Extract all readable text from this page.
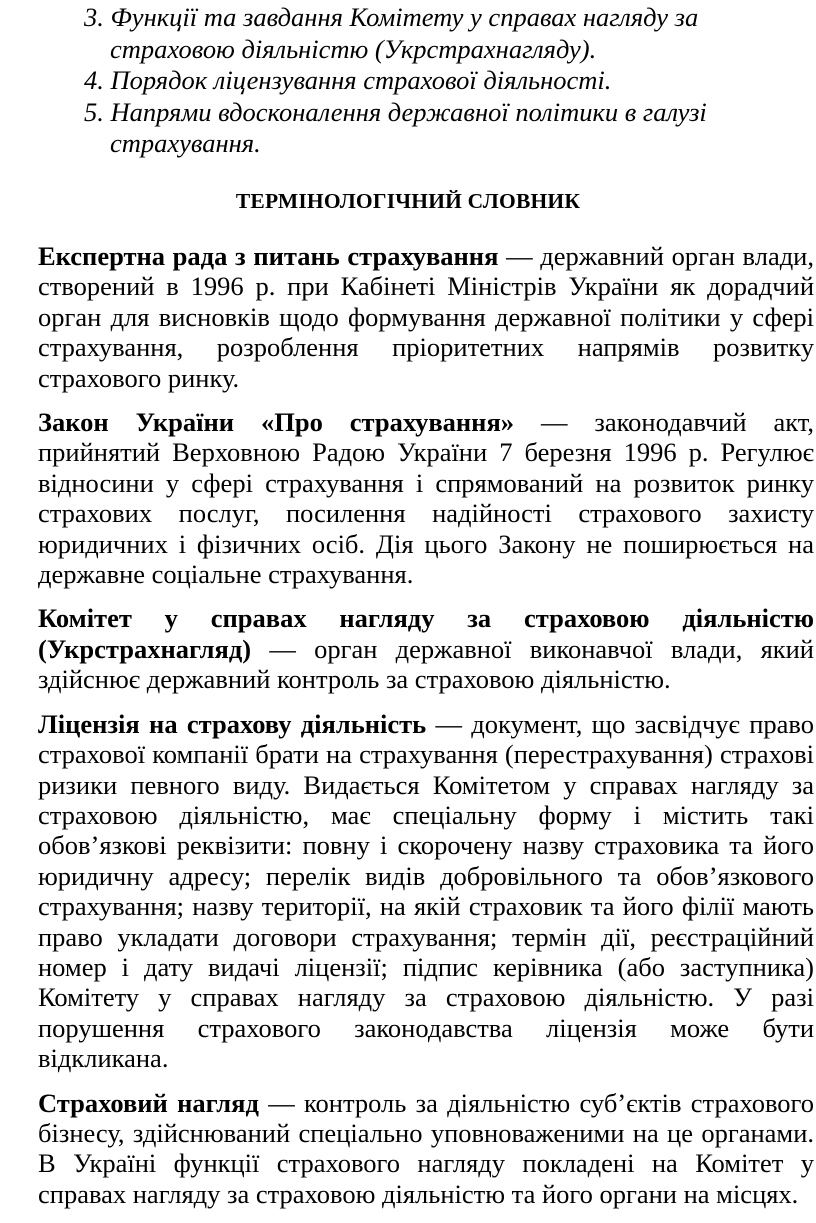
3. Функції та завдання Комітету у справах нагляду за страховою діяльністю (Укрстрахнагляду).
4. Порядок ліцензування страхової діяльності.
5. Напрями вдосконалення державної політики в галузі страхування.
ТЕРМІНОЛОГІЧНИЙ СЛОВНИК

Експертна рада з питань страхування — державний орган влади, створений в 1996 р. при Кабінеті Міністрів України як дорадчий орган для висновків щодо формування державної політики у сфері страхування, розроблення пріоритетних напрямів розвитку страхового ринку.

Закон України «Про страхування» — законодавчий акт, прийнятий Верховною Радою України 7 березня 1996 р. Регулює відносини у сфері страхування і спрямований на розвиток ринку страхових послуг, посилення надійності страхового захисту юридичних і фізичних осіб. Дія цього Закону не поширюється на державне соціальне страхування.

Комітет у справах нагляду за страховою діяльністю (Укрстрахнагляд) — орган державної виконавчої влади, який здійснює державний контроль за страховою діяльністю.

Ліцензія на страхову діяльність — документ, що засвідчує право страхової компанії брати на страхування (перестрахування) страхові ризики певного виду. Видається Комітетом у справах нагляду за страховою діяльністю, має спеціальну форму і містить такі обов’язкові реквізити: повну і скорочену назву страховика та його юридичну адресу; перелік видів добровільного та обов’язкового страхування; назву території, на якій страховик та його філії мають право укладати договори страхування; термін дії, реєстраційний номер і дату видачі ліцензії; підпис керівника (або заступника) Комітету у справах нагляду за страховою діяльністю. У разі порушення страхового законодавства ліцензія може бути відкликана.

Страховий нагляд — контроль за діяльністю суб’єктів страхового бізнесу, здійснюваний спеціально уповноваженими на це органами. В Україні функції страхового нагляду покладені на Комітет у справах нагляду за страховою діяльністю та його органи на місцях.
